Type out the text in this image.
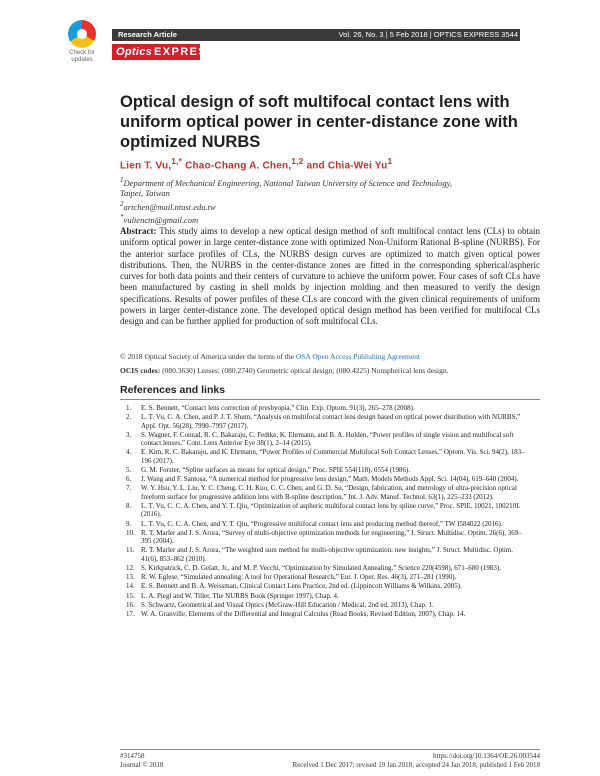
Check for updates
Research Article	Vol. 26, No. 3 | 5 Feb 2018 | OPTICS EXPRESS 3544
Optics EXPRESS
Optical design of soft multifocal contact lens with uniform optical power in center-distance zone with optimized NURBS
Lien T. Vu,$^{1,*}$ Chao-Chang A. Chen,$^{1,2}$ and Chia-Wei Yu$^1$
$^1$Department of Mechanical Engineering, National Taiwan University of Science and Technology,
Taipei, Taiwan
$^2$artchen@mail.ntust.edu.tw
*vulienctn@gmail.com
Abstract: This study aims to develop a new optical design method of soft multifocal contact lens (CLs) to obtain uniform optical power in large center-distance zone with optimized Non-Uniform Rational B-spline (NURBS). For the anterior surface profiles of CLs, the NURBS design curves are optimized to match given optical power distributions. Then, the NURBS in the center-distance zones are fitted in the corresponding spherical/aspheric curves for both data points and their centers of curvature to achieve the uniform power. Four cases of soft CLs have been manufactured by casting in shell molds by injection molding and then measured to verify the design specifications. Results of power profiles of these CLs are concord with the given clinical requirements of uniform powers in larger center-distance zone. The developed optical design method has been verified for multifocal CLs design and can be further applied for production of soft multifocal CLs.
© 2018 Optical Society of America under the terms of the OSA Open Access Publishing Agreement
OCIS codes: (080.3630) Lenses; (080.2740) Geometric optical design; (080.4225) Nonspherical lens design.
References and links
1. E. S. Bennett, “Contact lens correction of presbyopia,” Clin. Exp. Optom. 91(3), 265–278 (2008).
2. L. T. Vu, C. A. Chen, and P. J. T. Shum, “Analysis on multifocal contact lens design based on optical power distribution with NURBS,” Appl. Opt. 56(28), 7990–7997 (2017).
3. S. Wagner, F. Conrad, R. C. Bakaraju, C. Fedtke, K. Ehrmann, and B. A. Holden, “Power profiles of single vision and multifocal soft contact lenses,” Cont. Lens Anterior Eye 38(1), 2–14 (2015).
4. E. Kim, R. C. Bakaraju, and K. Ehrmann, “Power Profiles of Commercial Multifocal Soft Contact Lenses,” Optom. Vis. Sci. 94(2), 183–196 (2017).
5. G. M. Forster, “Spline surfaces as means for optical design,” Proc. SPIE 554(118), 0554 (1986).
6. J. Wang and F. Santosa, “A numerical method for progressive lens design,” Math. Models Methods Appl. Sci. 14(04), 619–640 (2004).
7. W. Y. Hsu, Y. L. Liu, Y. C. Cheng, C. H. Kuo, C. C. Chen, and G. D. Su, “Design, fabrication, and metrology of ultra-precision optical freeform surface for progressive addition lens with B-spline description,” Int. J. Adv. Manuf. Technol. 63(1), 225–233 (2012).
8. L. T. Vu, C. C. A. Chen, and Y. T. Qiu, “Optimization of aspheric multifocal contact lens by spline curve,” Proc. SPIE. 10021, 100210L (2016).
9. L. T. Vu, C. C. A. Chen, and Y. T. Qiu, “Progressive multifocal contact lens and producing method thereof,” TW I584022 (2016).
10. R. T. Marler and J. S. Arora, “Survey of multi-objective optimization methods for engineering,” J. Struct. Multidisc. Optim. 26(6), 369–395 (2004).
11. R. T. Marler and J. S. Arora, “The weighted sum method for multi-objective optimization: new insights,” J. Struct. Multidisc. Optim. 41(6), 853–862 (2010).
12. S. Kirkpatrick, C. D. Gelatt, Jr., and M. P. Vecchi, “Optimization by Simulated Annealing,” Science 220(4598), 671–680 (1983).
13. R. W. Eglese, “Simulated annealing: A tool for Operational Research,” Eur. J. Oper. Res. 46(3), 271–281 (1990).
14. E. S. Bennett and B. A. Weissman, Clinical Contact Lens Practice, 2nd ed. (Lippincott Williams & Wilkins, 2005).
15. L. A. Piegl and W. Tiller, The NURBS Book (Springer 1997), Chap. 4.
16. S. Schwartz, Geometrical and Visual Optics (McGraw-Hill Education / Medical, 2nd ed, 2013), Chap. 1.
17. W. A. Granville, Elements of the Differential and Integral Calculus (Read Books, Revised Edition, 2007), Chap. 14.
#314758
Journal © 2018
https://doi.org/10.1364/OE.26.003544
Received 1 Dec 2017; revised 19 Jan 2018; accepted 24 Jan 2018; published 1 Feb 2018
